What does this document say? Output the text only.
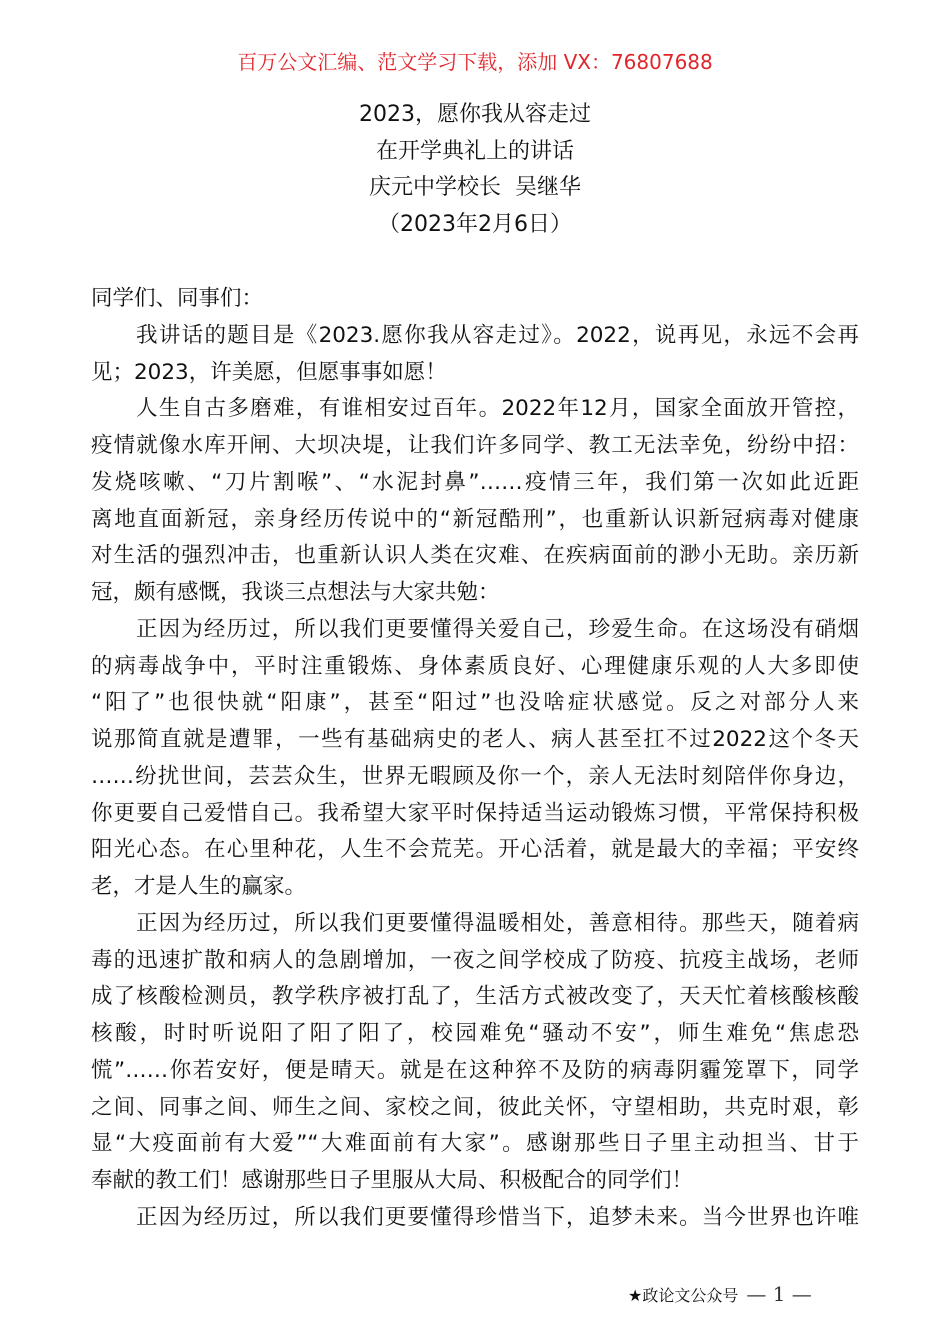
百万公文汇编、范文学习下载，添加 VX：76807688
2023，愿你我从容走过
在开学典礼上的讲话
庆元中学校长  吴继华
（2023年2月6日）
同学们、同事们：
我讲话的题目是《2023.愿你我从容走过》。2022，说再见，永远不会再
见；2023，许美愿，但愿事事如愿！
人生自古多磨难，有谁相安过百年。2022年12月，国家全面放开管控，
疫情就像水库开闸、大坝决堤，让我们许多同学、教工无法幸免，纷纷中招：
发烧咳嗽、“刀片割喉”、“水泥封鼻”……疫情三年，我们第一次如此近距
离地直面新冠，亲身经历传说中的“新冠酷刑”，也重新认识新冠病毒对健康
对生活的强烈冲击，也重新认识人类在灾难、在疾病面前的渺小无助。亲历新
冠，颇有感慨，我谈三点想法与大家共勉：
正因为经历过，所以我们更要懂得关爱自己，珍爱生命。在这场没有硝烟
的病毒战争中，平时注重锻炼、身体素质良好、心理健康乐观的人大多即使
“阳了”也很快就“阳康”，甚至“阳过”也没啥症状感觉。反之对部分人来
说那简直就是遭罪，一些有基础病史的老人、病人甚至扛不过2022这个冬天
……纷扰世间，芸芸众生，世界无暇顾及你一个，亲人无法时刻陪伴你身边，
你更要自己爱惜自己。我希望大家平时保持适当运动锻炼习惯，平常保持积极
阳光心态。在心里种花，人生不会荒芜。开心活着，就是最大的幸福；平安终
老，才是人生的赢家。
正因为经历过，所以我们更要懂得温暖相处，善意相待。那些天，随着病
毒的迅速扩散和病人的急剧增加，一夜之间学校成了防疫、抗疫主战场，老师
成了核酸检测员，教学秩序被打乱了，生活方式被改变了，天天忙着核酸核酸
核酸，时时听说阳了阳了阳了，校园难免“骚动不安”，师生难免“焦虑恐
慌”……你若安好，便是晴天。就是在这种猝不及防的病毒阴霾笼罩下，同学
之间、同事之间、师生之间、家校之间，彼此关怀，守望相助，共克时艰，彰
显“大疫面前有大爱”“大难面前有大家”。感谢那些日子里主动担当、甘于
奉献的教工们！感谢那些日子里服从大局、积极配合的同学们！
正因为经历过，所以我们更要懂得珍惜当下，追梦未来。当今世界也许唯
★政论文公众号 — 1 —
